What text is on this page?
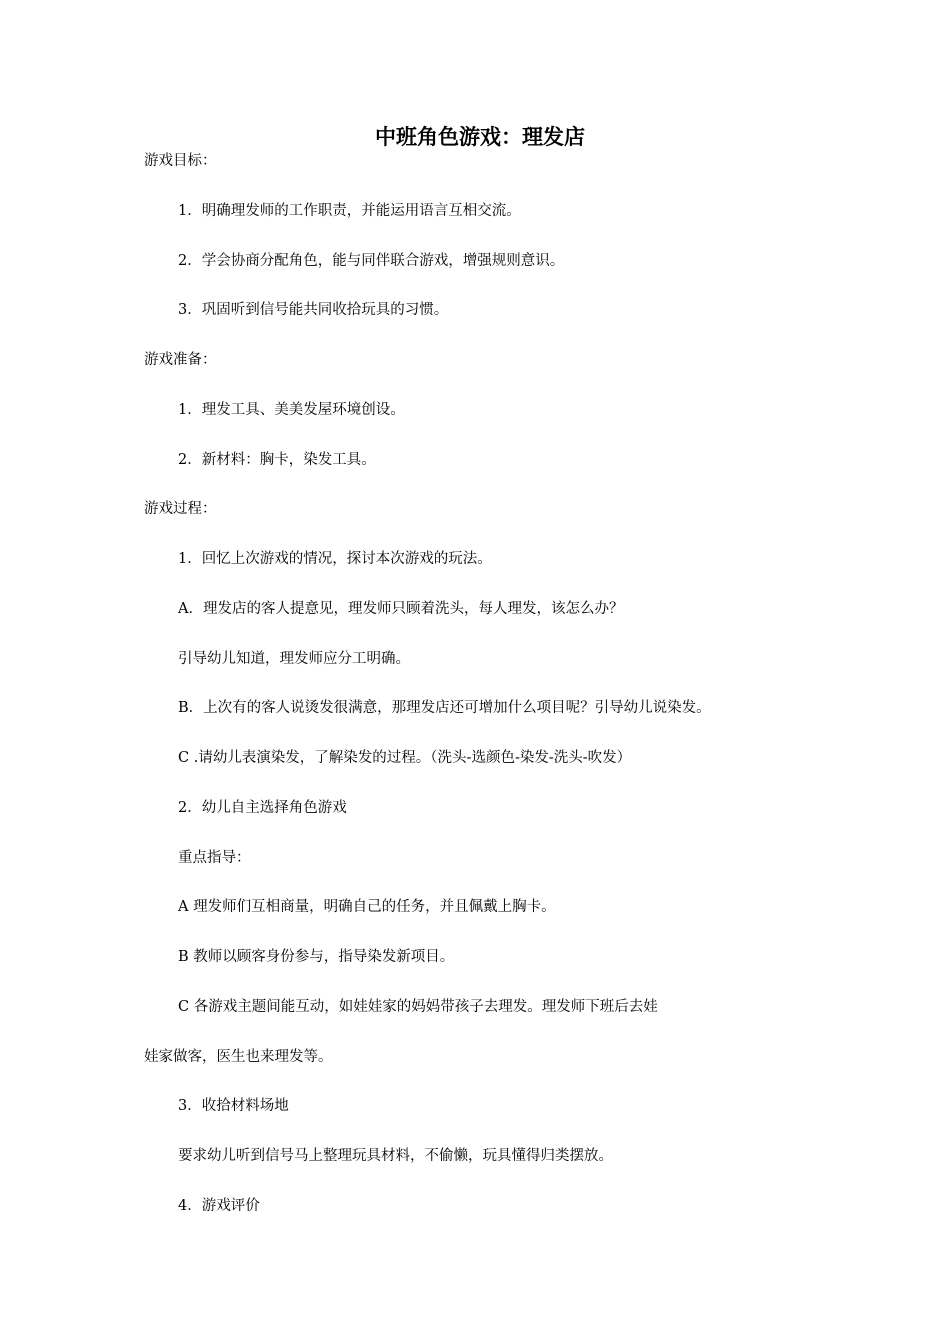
中班角色游戏：理发店
游戏目标：
1．明确理发师的工作职责，并能运用语言互相交流。
2．学会协商分配角色，能与同伴联合游戏，增强规则意识。
3．巩固听到信号能共同收拾玩具的习惯。
游戏准备：
1．理发工具、美美发屋环境创设。
2．新材料：胸卡，染发工具。
游戏过程：
1．回忆上次游戏的情况，探讨本次游戏的玩法。
A．理发店的客人提意见，理发师只顾着洗头，每人理发，该怎么办？
引导幼儿知道，理发师应分工明确。
B．上次有的客人说烫发很满意，那理发店还可增加什么项目呢？引导幼儿说染发。
C .请幼儿表演染发，了解染发的过程。（洗头-选颜色-染发-洗头-吹发）
2．幼儿自主选择角色游戏
重点指导：
A 理发师们互相商量，明确自己的任务，并且佩戴上胸卡。
B 教师以顾客身份参与，指导染发新项目。
C 各游戏主题间能互动，如娃娃家的妈妈带孩子去理发。理发师下班后去娃
娃家做客，医生也来理发等。
3．收拾材料场地
要求幼儿听到信号马上整理玩具材料，不偷懒，玩具懂得归类摆放。
4．游戏评价
